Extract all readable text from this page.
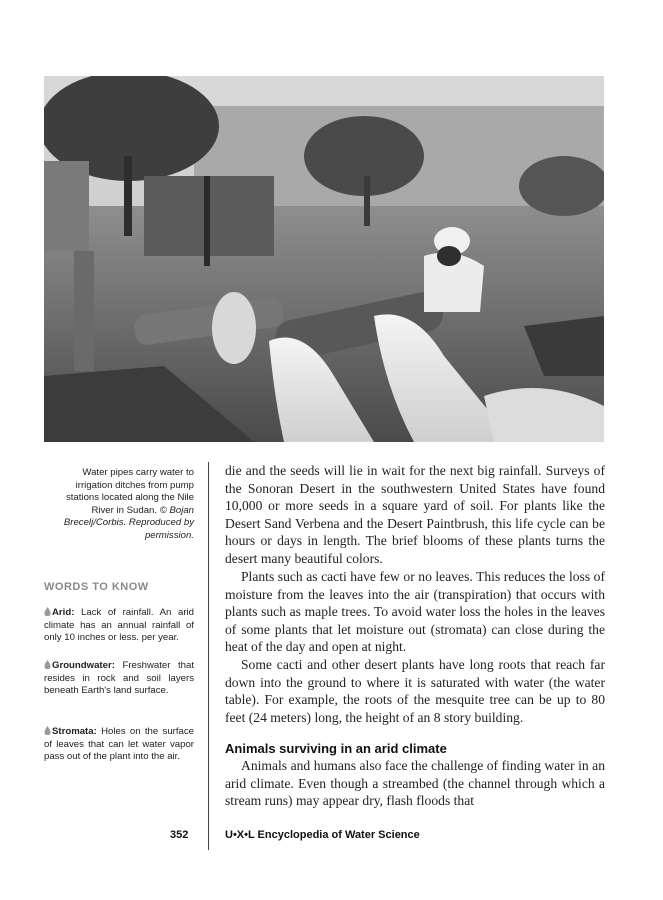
Water pipes carry water to irrigation ditches from pump stations located along the Nile River in Sudan. © Bojan Brecelj/Corbis. Reproduced by permission.
WORDS TO KNOW
Arid: Lack of rainfall. An arid climate has an annual rainfall of only 10 inches or less. per year.
Groundwater: Freshwater that resides in rock and soil layers beneath Earth's land surface.
Stromata: Holes on the surface of leaves that can let water vapor pass out of the plant into the air.

die and the seeds will lie in wait for the next big rainfall. Surveys of the Sonoran Desert in the southwestern United States have found 10,000 or more seeds in a square yard of soil. For plants like the Desert Sand Verbena and the Desert Paintbrush, this life cycle can be hours or days in length. The brief blooms of these plants turns the desert many beautiful colors.

Plants such as cacti have few or no leaves. This reduces the loss of moisture from the leaves into the air (transpiration) that occurs with plants such as maple trees. To avoid water loss the holes in the leaves of some plants that let moisture out (stromata) can close during the heat of the day and open at night.

Some cacti and other desert plants have long roots that reach far down into the ground to where it is saturated with water (the water table). For example, the roots of the mesquite tree can be up to 80 feet (24 meters) long, the height of an 8 story building.

Animals surviving in an arid climate

Animals and humans also face the challenge of finding water in an arid climate. Even though a streambed (the channel through which a stream runs) may appear dry, flash floods that

352	U•X•L Encyclopedia of Water Science
